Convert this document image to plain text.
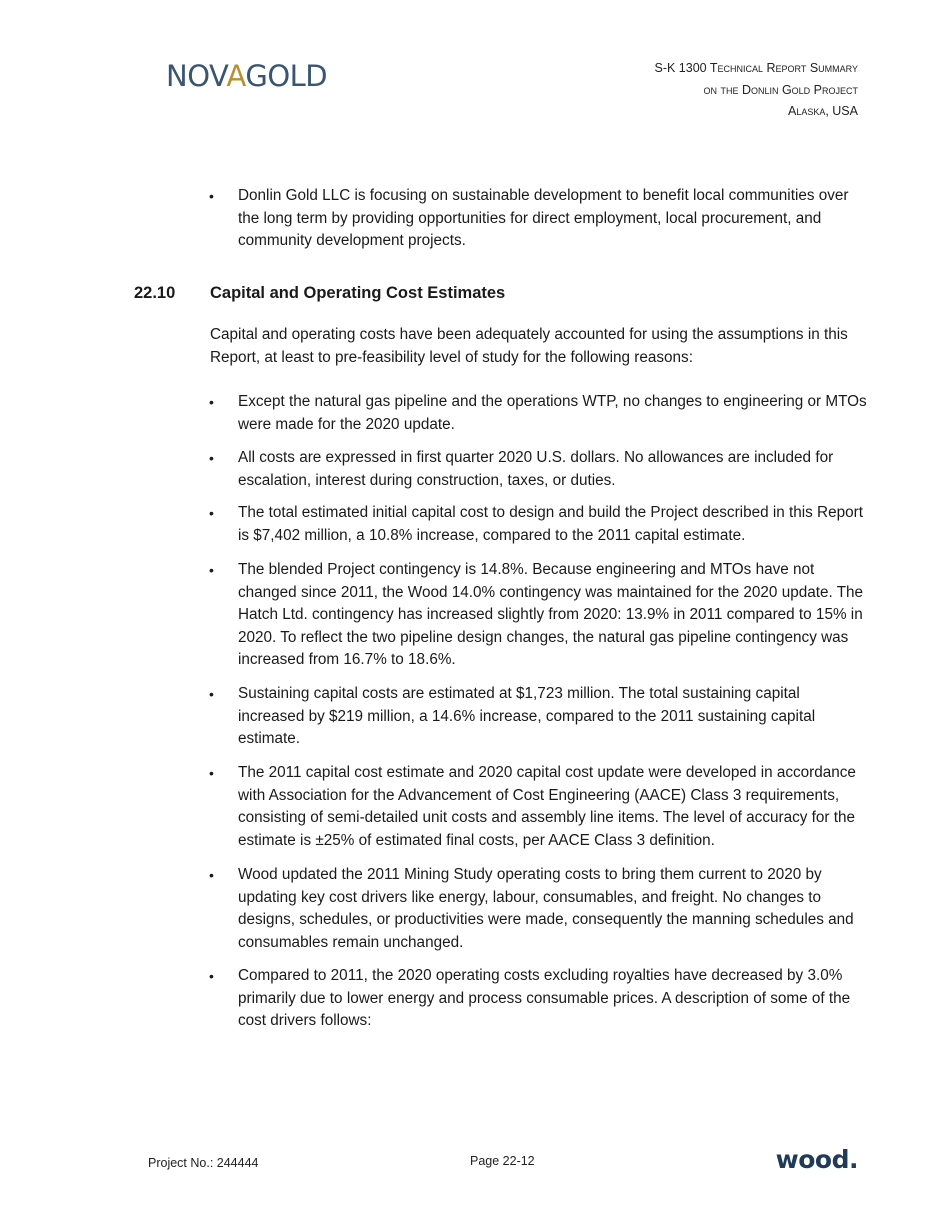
NOVAGOLD	S-K 1300 Technical Report Summary
on the Donlin Gold Project
Alaska, USA
• Donlin Gold LLC is focusing on sustainable development to benefit local communities over the long term by providing opportunities for direct employment, local procurement, and community development projects.
22.10 Capital and Operating Cost Estimates
Capital and operating costs have been adequately accounted for using the assumptions in this Report, at least to pre-feasibility level of study for the following reasons:
• Except the natural gas pipeline and the operations WTP, no changes to engineering or MTOs were made for the 2020 update.
• All costs are expressed in first quarter 2020 U.S. dollars. No allowances are included for escalation, interest during construction, taxes, or duties.
• The total estimated initial capital cost to design and build the Project described in this Report is $7,402 million, a 10.8% increase, compared to the 2011 capital estimate.
• The blended Project contingency is 14.8%. Because engineering and MTOs have not changed since 2011, the Wood 14.0% contingency was maintained for the 2020 update. The Hatch Ltd. contingency has increased slightly from 2020: 13.9% in 2011 compared to 15% in 2020. To reflect the two pipeline design changes, the natural gas pipeline contingency was increased from 16.7% to 18.6%.
• Sustaining capital costs are estimated at $1,723 million. The total sustaining capital increased by $219 million, a 14.6% increase, compared to the 2011 sustaining capital estimate.
• The 2011 capital cost estimate and 2020 capital cost update were developed in accordance with Association for the Advancement of Cost Engineering (AACE) Class 3 requirements, consisting of semi-detailed unit costs and assembly line items. The level of accuracy for the estimate is ±25% of estimated final costs, per AACE Class 3 definition.
• Wood updated the 2011 Mining Study operating costs to bring them current to 2020 by updating key cost drivers like energy, labour, consumables, and freight. No changes to designs, schedules, or productivities were made, consequently the manning schedules and consumables remain unchanged.
• Compared to 2011, the 2020 operating costs excluding royalties have decreased by 3.0% primarily due to lower energy and process consumable prices. A description of some of the cost drivers follows:
Project No.: 244444	Page 22-12	wood.
